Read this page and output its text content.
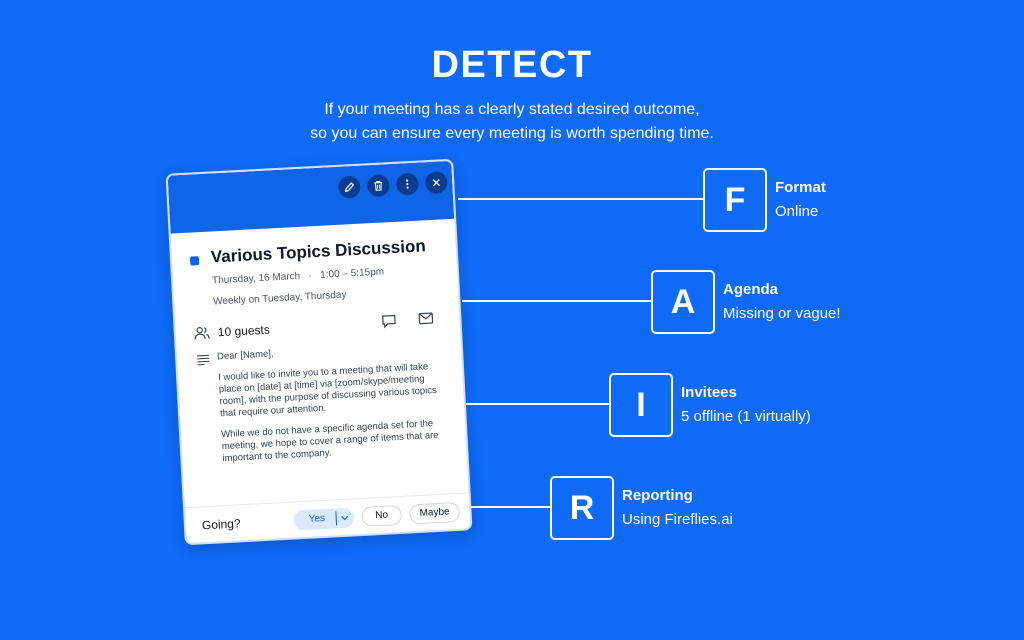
DETECT
If your meeting has a clearly stated desired outcome,
so you can ensure every meeting is worth spending time.
F	Format
Online
A	Agenda
Missing or vague!
I	Invitees
5 offline (1 virtually)
R	Reporting
Using Fireflies.ai
Various Topics Discussion
Thursday, 16 March · 1:00 – 5:15pm
Weekly on Tuesday, Thursday
10 guests

Dear [Name],

I would like to invite you to a meeting that will take place on [date] at [time] via [zoom/skype/meeting room], with the purpose of discussing various topics that require our attention.

While we do not have a specific agenda set for the meeting, we hope to cover a range of items that are important to the company.

Going?	Yes	No	Maybe
